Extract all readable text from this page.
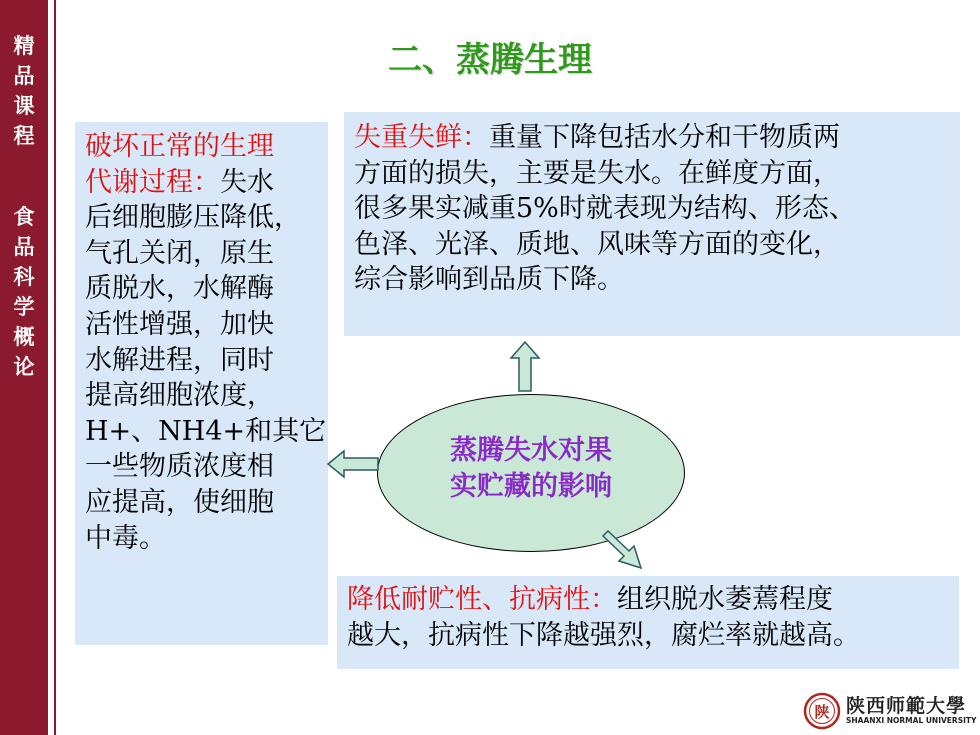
精
品
课
程
食
品
科
学
概
论
二、蒸腾生理
破坏正常的生理
代谢过程：失水
后细胞膨压降低，
气孔关闭，原生
质脱水，水解酶
活性增强，加快
水解进程，同时
提高细胞浓度，
H+、NH4+和其它
一些物质浓度相
应提高，使细胞
中毒。
失重失鲜：重量下降包括水分和干物质两
方面的损失，主要是失水。在鲜度方面，
很多果实减重5%时就表现为结构、形态、
色泽、光泽、质地、风味等方面的变化，
综合影响到品质下降。
降低耐贮性、抗病性：组织脱水萎蔫程度
越大，抗病性下降越强烈，腐烂率就越高。
蒸腾失水对果
实贮藏的影响
陕 陕西师範大學
SHAANXI NORMAL UNIVERSITY
